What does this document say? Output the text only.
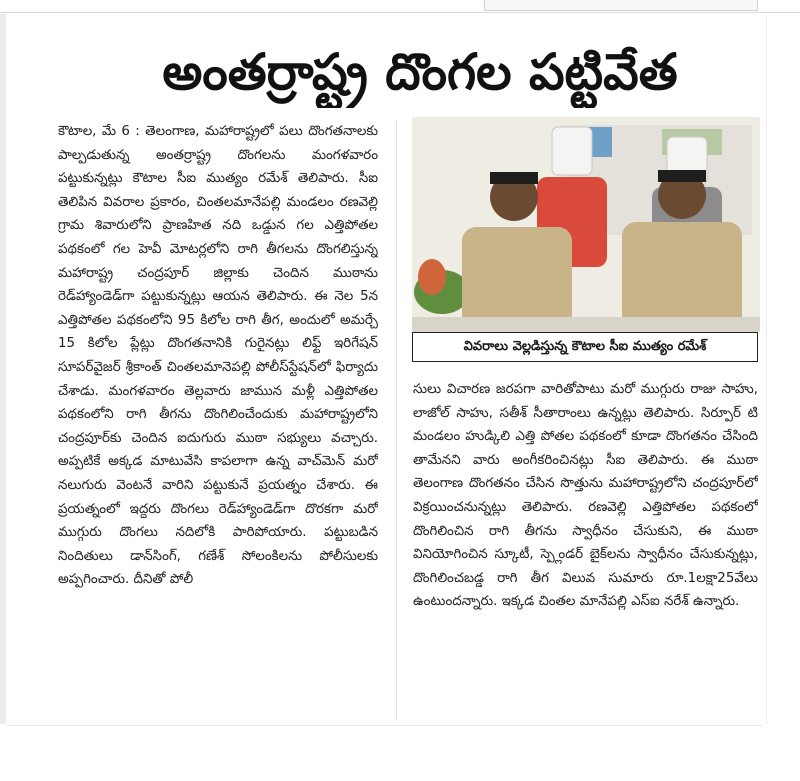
అంతర్రాష్ట్ర దొంగల పట్టివేత
కౌటాల, మే 6 : తెలంగాణ, మహారాష్ట్రలో పలు దొంగతనాలకు పాల్పడుతున్న అంతర్రాష్ట్ర దొంగలను మంగళవారం పట్టుకున్నట్లు కౌటాల సీఐ ముత్యం రమేశ్ తెలిపారు. సీఐ తెలిపిన వివరాల ప్రకారం, చింతలమానేపల్లి మండలం రణవెల్లి గ్రామ శివారులోని ప్రాణహిత నది ఒడ్డున గల ఎత్తిపోతల పథకంలో గల హెవీ మోటర్లలోని రాగి తీగలను దొంగలిస్తున్న మహారాష్ట్ర చంద్రపూర్ జిల్లాకు చెందిన ముఠాను రెడ్‌హ్యాండెడ్‌గా పట్టుకున్నట్లు ఆయన తెలిపారు. ఈ నెల 5న ఎత్తిపోతల పథకంలోని 95 కిలోల రాగి తీగ, అందులో అమర్చే 15 కిలోల ప్లేట్లు దొంగతనానికి గురైనట్లు లిఫ్ట్ ఇరిగేషన్ సూపర్‌వైజర్ శ్రీకాంత్ చింతలమానెపల్లి పోలీస్‌స్టేషన్‌లో ఫిర్యాదు చేశాడు. మంగళవారం తెల్లవారు జామున మళ్లీ ఎత్తిపోతల పథకంలోని రాగి తీగను దొంగిలించేందుకు మహారాష్ట్రలోని చంద్రపూర్‌కు చెందిన ఐదుగురు ముఠా సభ్యులు వచ్చారు. అప్పటికే అక్కడ మాటువేసి కాపలాగా ఉన్న వాచ్‌మెన్ మరో నలుగురు వెంటనే వారిని పట్టుకునే ప్రయత్నం చేశారు. ఈ ప్రయత్నంలో ఇద్దరు దొంగలు రెడ్‌హ్యాండెడ్‌గా దొరకగా మరో ముగ్గురు దొంగలు నదిలోకి పారిపోయారు. పట్టుబడిన నిందితులు డాన్‌సింగ్, గణేశ్ సోలంకిలను పోలీసులకు అప్పగించారు. దీనితో పోలీ
వివరాలు వెల్లడిస్తున్న కౌటాల సీఐ ముత్యం రమేశ్
సులు విచారణ జరపగా వారితోపాటు మరో ముగ్గురు రాజు సాహు, లాజోల్ సాహు, సతీశ్ సీతారాంలు ఉన్నట్లు తెలిపారు. సిర్పూర్ టి మండలం హుడ్కిలి ఎత్తి పోతల పథకంలో కూడా దొంగతనం చేసింది తామేనని వారు అంగీకరించినట్లు సీఐ తెలిపారు. ఈ ముఠా తెలంగాణ దొంగతనం చేసిన సొత్తును మహారాష్ట్రలోని చంద్రపూర్‌లో విక్రయించనున్నట్లు తెలిపారు. రణవెల్లి ఎత్తిపోతల పథకంలో దొంగిలించిన రాగి తీగను స్వాధీనం చేసుకుని, ఈ ముఠా వినియోగించిన స్కూటీ, స్ప్లెండర్ బైక్‌లను స్వాధీనం చేసుకున్నట్లు, దొంగిలించబడ్డ రాగి తీగ విలువ సుమారు రూ.1లక్షా25వేలు ఉంటుందన్నారు. ఇక్కడ చింతల మానేపల్లి ఎస్ఐ నరేశ్ ఉన్నారు.
